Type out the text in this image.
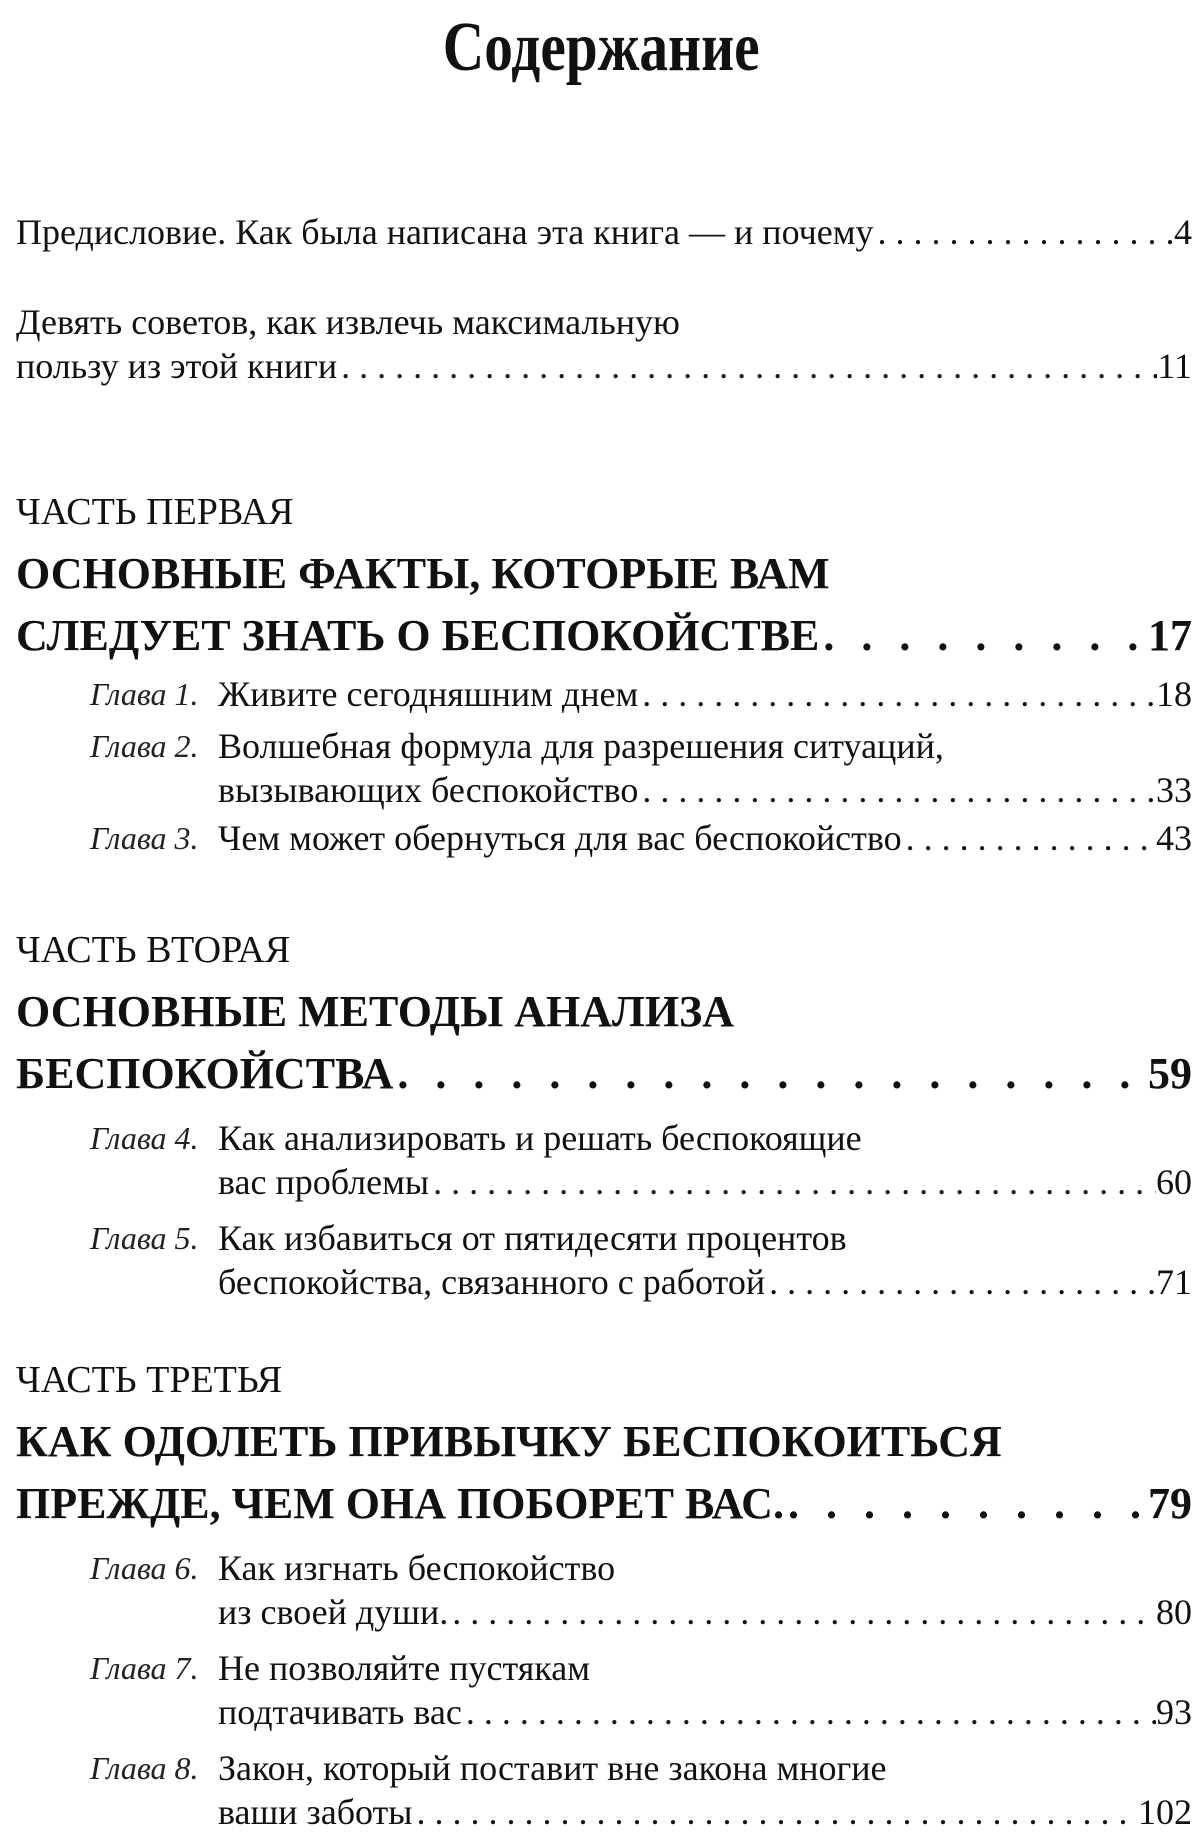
Содержание
Предисловие. Как была написана эта книга — и почему . . .	4
Девять советов, как извлечь максимальную
пользу из этой книги . . .	11
ЧАСТЬ ПЕРВАЯ
ОСНОВНЫЕ ФАКТЫ, КОТОРЫЕ ВАМ
СЛЕДУЕТ ЗНАТЬ О БЕСПОКОЙСТВЕ . . .	17
Глава 1. Живите сегодняшним днем . . .	18
Глава 2. Волшебная формула для разрешения ситуаций,
вызывающих беспокойство . . .	33
Глава 3. Чем может обернуться для вас беспокойство . . .	43
ЧАСТЬ ВТОРАЯ
ОСНОВНЫЕ МЕТОДЫ АНАЛИЗА
БЕСПОКОЙСТВА . . .	59
Глава 4. Как анализировать и решать беспокоящие
вас проблемы . . .	60
Глава 5. Как избавиться от пятидесяти процентов
беспокойства, связанного с работой . . .	71
ЧАСТЬ ТРЕТЬЯ
КАК ОДОЛЕТЬ ПРИВЫЧКУ БЕСПОКОИТЬСЯ
ПРЕЖДЕ, ЧЕМ ОНА ПОБОРЕТ ВАС. . . .	79
Глава 6. Как изгнать беспокойство
из своей души. . . .	80
Глава 7. Не позволяйте пустякам
подтачивать вас . . .	93
Глава 8. Закон, который поставит вне закона многие
ваши заботы . . .	102
